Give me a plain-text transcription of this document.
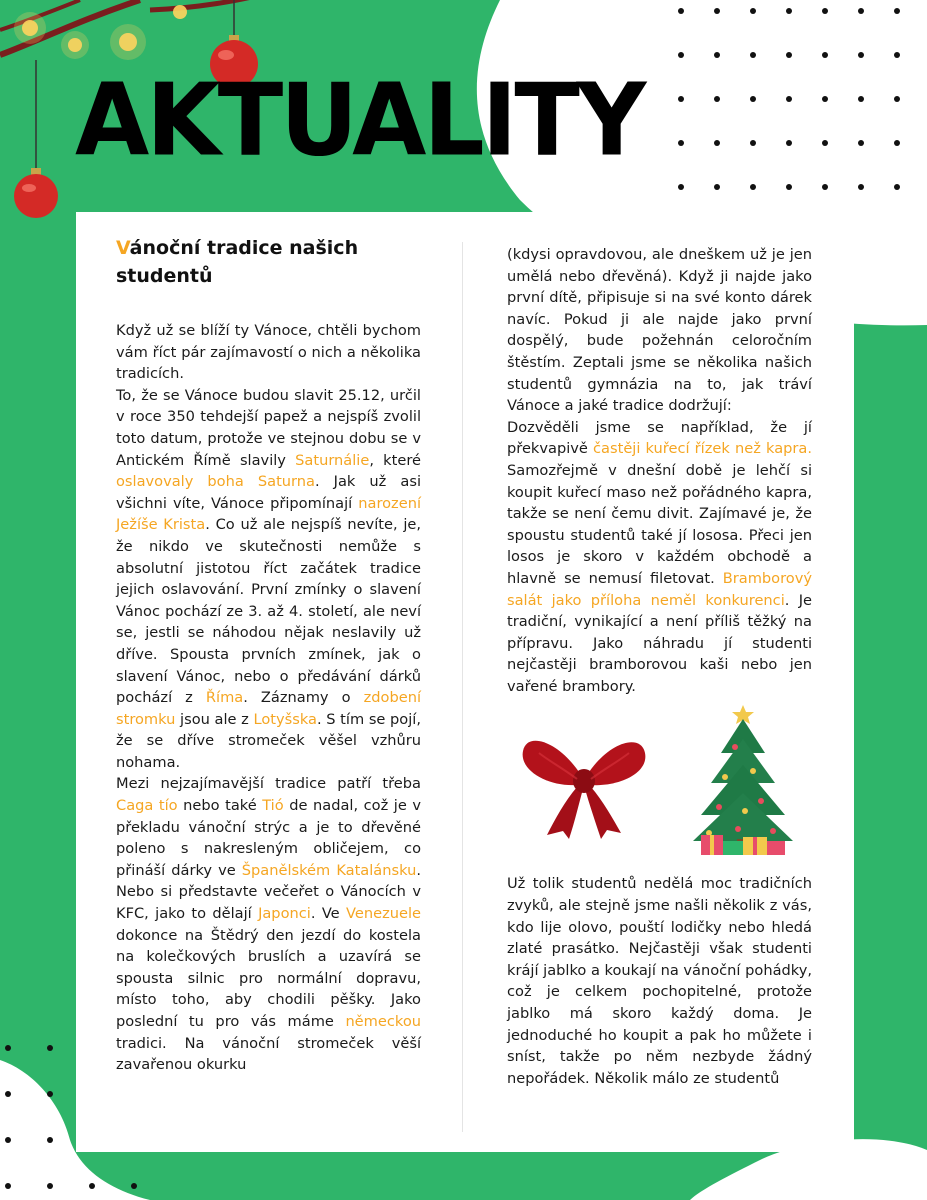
AKTUALITY
Vánoční tradice našich studentů

Když už se blíží ty Vánoce, chtěli bychom vám říct pár zajímavostí o nich a několika tradicích.

To, že se Vánoce budou slavit 25.12, určil v roce 350 tehdejší papež a nejspíš zvolil toto datum, protože ve stejnou dobu se v Antickém Římě slavily Saturnálie, které oslavovaly boha Saturna. Jak už asi všichni víte, Vánoce připomínají narození Ježíše Krista. Co už ale nejspíš nevíte, je, že nikdo ve skutečnosti nemůže s absolutní jistotou říct začátek tradice jejich oslavování. První zmínky o slavení Vánoc pochází ze 3. až 4. století, ale neví se, jestli se náhodou nějak neslavily už dříve. Spousta prvních zmínek, jak o slavení Vánoc, nebo o předávání dárků pochází z Říma. Záznamy o zdobení stromku jsou ale z Lotyšska. S tím se pojí, že se dříve stromeček věšel vzhůru nohama.

Mezi nejzajímavější tradice patří třeba Caga tío nebo také Tió de nadal, což je v překladu vánoční strýc a je to dřevěné poleno s nakresleným obličejem, co přináší dárky ve Španělském Katalánsku. Nebo si představte večeřet o Vánocích v KFC, jako to dělají Japonci. Ve Venezuele dokonce na Štědrý den jezdí do kostela na kolečkových bruslích a uzavírá se spousta silnic pro normální dopravu, místo toho, aby chodili pěšky. Jako poslední tu pro vás máme německou tradici. Na vánoční stromeček věší zavařenou okurku

(kdysi opravdovou, ale dneškem už je jen umělá nebo dřevěná). Když ji najde jako první dítě, připisuje si na své konto dárek navíc. Pokud ji ale najde jako první dospělý, bude požehnán celoročním štěstím. Zeptali jsme se několika našich studentů gymnázia na to, jak tráví Vánoce a jaké tradice dodržují:

Dozvěděli jsme se například, že jí překvapivě častěji kuřecí řízek než kapra. Samozřejmě v dnešní době je lehčí si koupit kuřecí maso než pořádného kapra, takže se není čemu divit. Zajímavé je, že spoustu studentů také jí lososa. Přeci jen losos je skoro v každém obchodě a hlavně se nemusí filetovat. Bramborový salát jako příloha neměl konkurenci. Je tradiční, vynikající a není příliš těžký na přípravu. Jako náhradu jí studenti nejčastěji bramborovou kaši nebo jen vařené brambory.

Už tolik studentů nedělá moc tradičních zvyků, ale stejně jsme našli několik z vás, kdo lije olovo, pouští lodičky nebo hledá zlaté prasátko. Nejčastěji však studenti krájí jablko a koukají na vánoční pohádky, což je celkem pochopitelné, protože jablko má skoro každý doma. Je jednoduché ho koupit a pak ho můžete i sníst, takže po něm nezbyde žádný nepořádek. Několik málo ze studentů
